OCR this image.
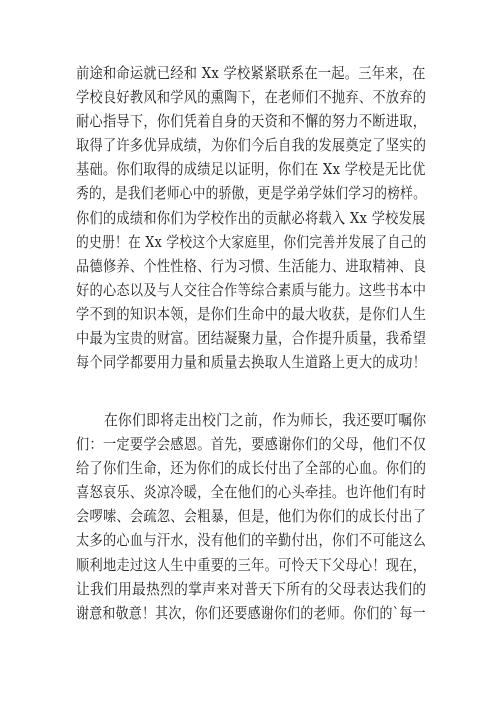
前途和命运就已经和 Xx 学校紧紧联系在一起。三年来，在
学校良好教风和学风的熏陶下，在老师们不抛弃、不放弃的
耐心指导下，你们凭着自身的天资和不懈的努力不断进取，
取得了许多优异成绩，为你们今后自我的发展奠定了坚实的
基础。你们取得的成绩足以证明，你们在 Xx 学校是无比优
秀的，是我们老师心中的骄傲，更是学弟学妹们学习的榜样。
你们的成绩和你们为学校作出的贡献必将载入 Xx 学校发展
的史册！在 Xx 学校这个大家庭里，你们完善并发展了自己的
品德修养、个性性格、行为习惯、生活能力、进取精神、良
好的心态以及与人交往合作等综合素质与能力。这些书本中
学不到的知识本领，是你们生命中的最大收获，是你们人生
中最为宝贵的财富。团结凝聚力量，合作提升质量，我希望
每个同学都要用力量和质量去换取人生道路上更大的成功！
　　在你们即将走出校门之前，作为师长，我还要叮嘱你
们：一定要学会感恩。首先，要感谢你们的父母，他们不仅
给了你们生命，还为你们的成长付出了全部的心血。你们的
喜怒哀乐、炎凉冷暖，全在他们的心头牵挂。也许他们有时
会啰嗦、会疏忽、会粗暴，但是，他们为你们的成长付出了
太多的心血与汗水，没有他们的辛勤付出，你们不可能这么
顺利地走过这人生中重要的三年。可怜天下父母心！现在，
让我们用最热烈的掌声来对普天下所有的父母表达我们的
谢意和敬意！其次，你们还要感谢你们的老师。你们的`每一
